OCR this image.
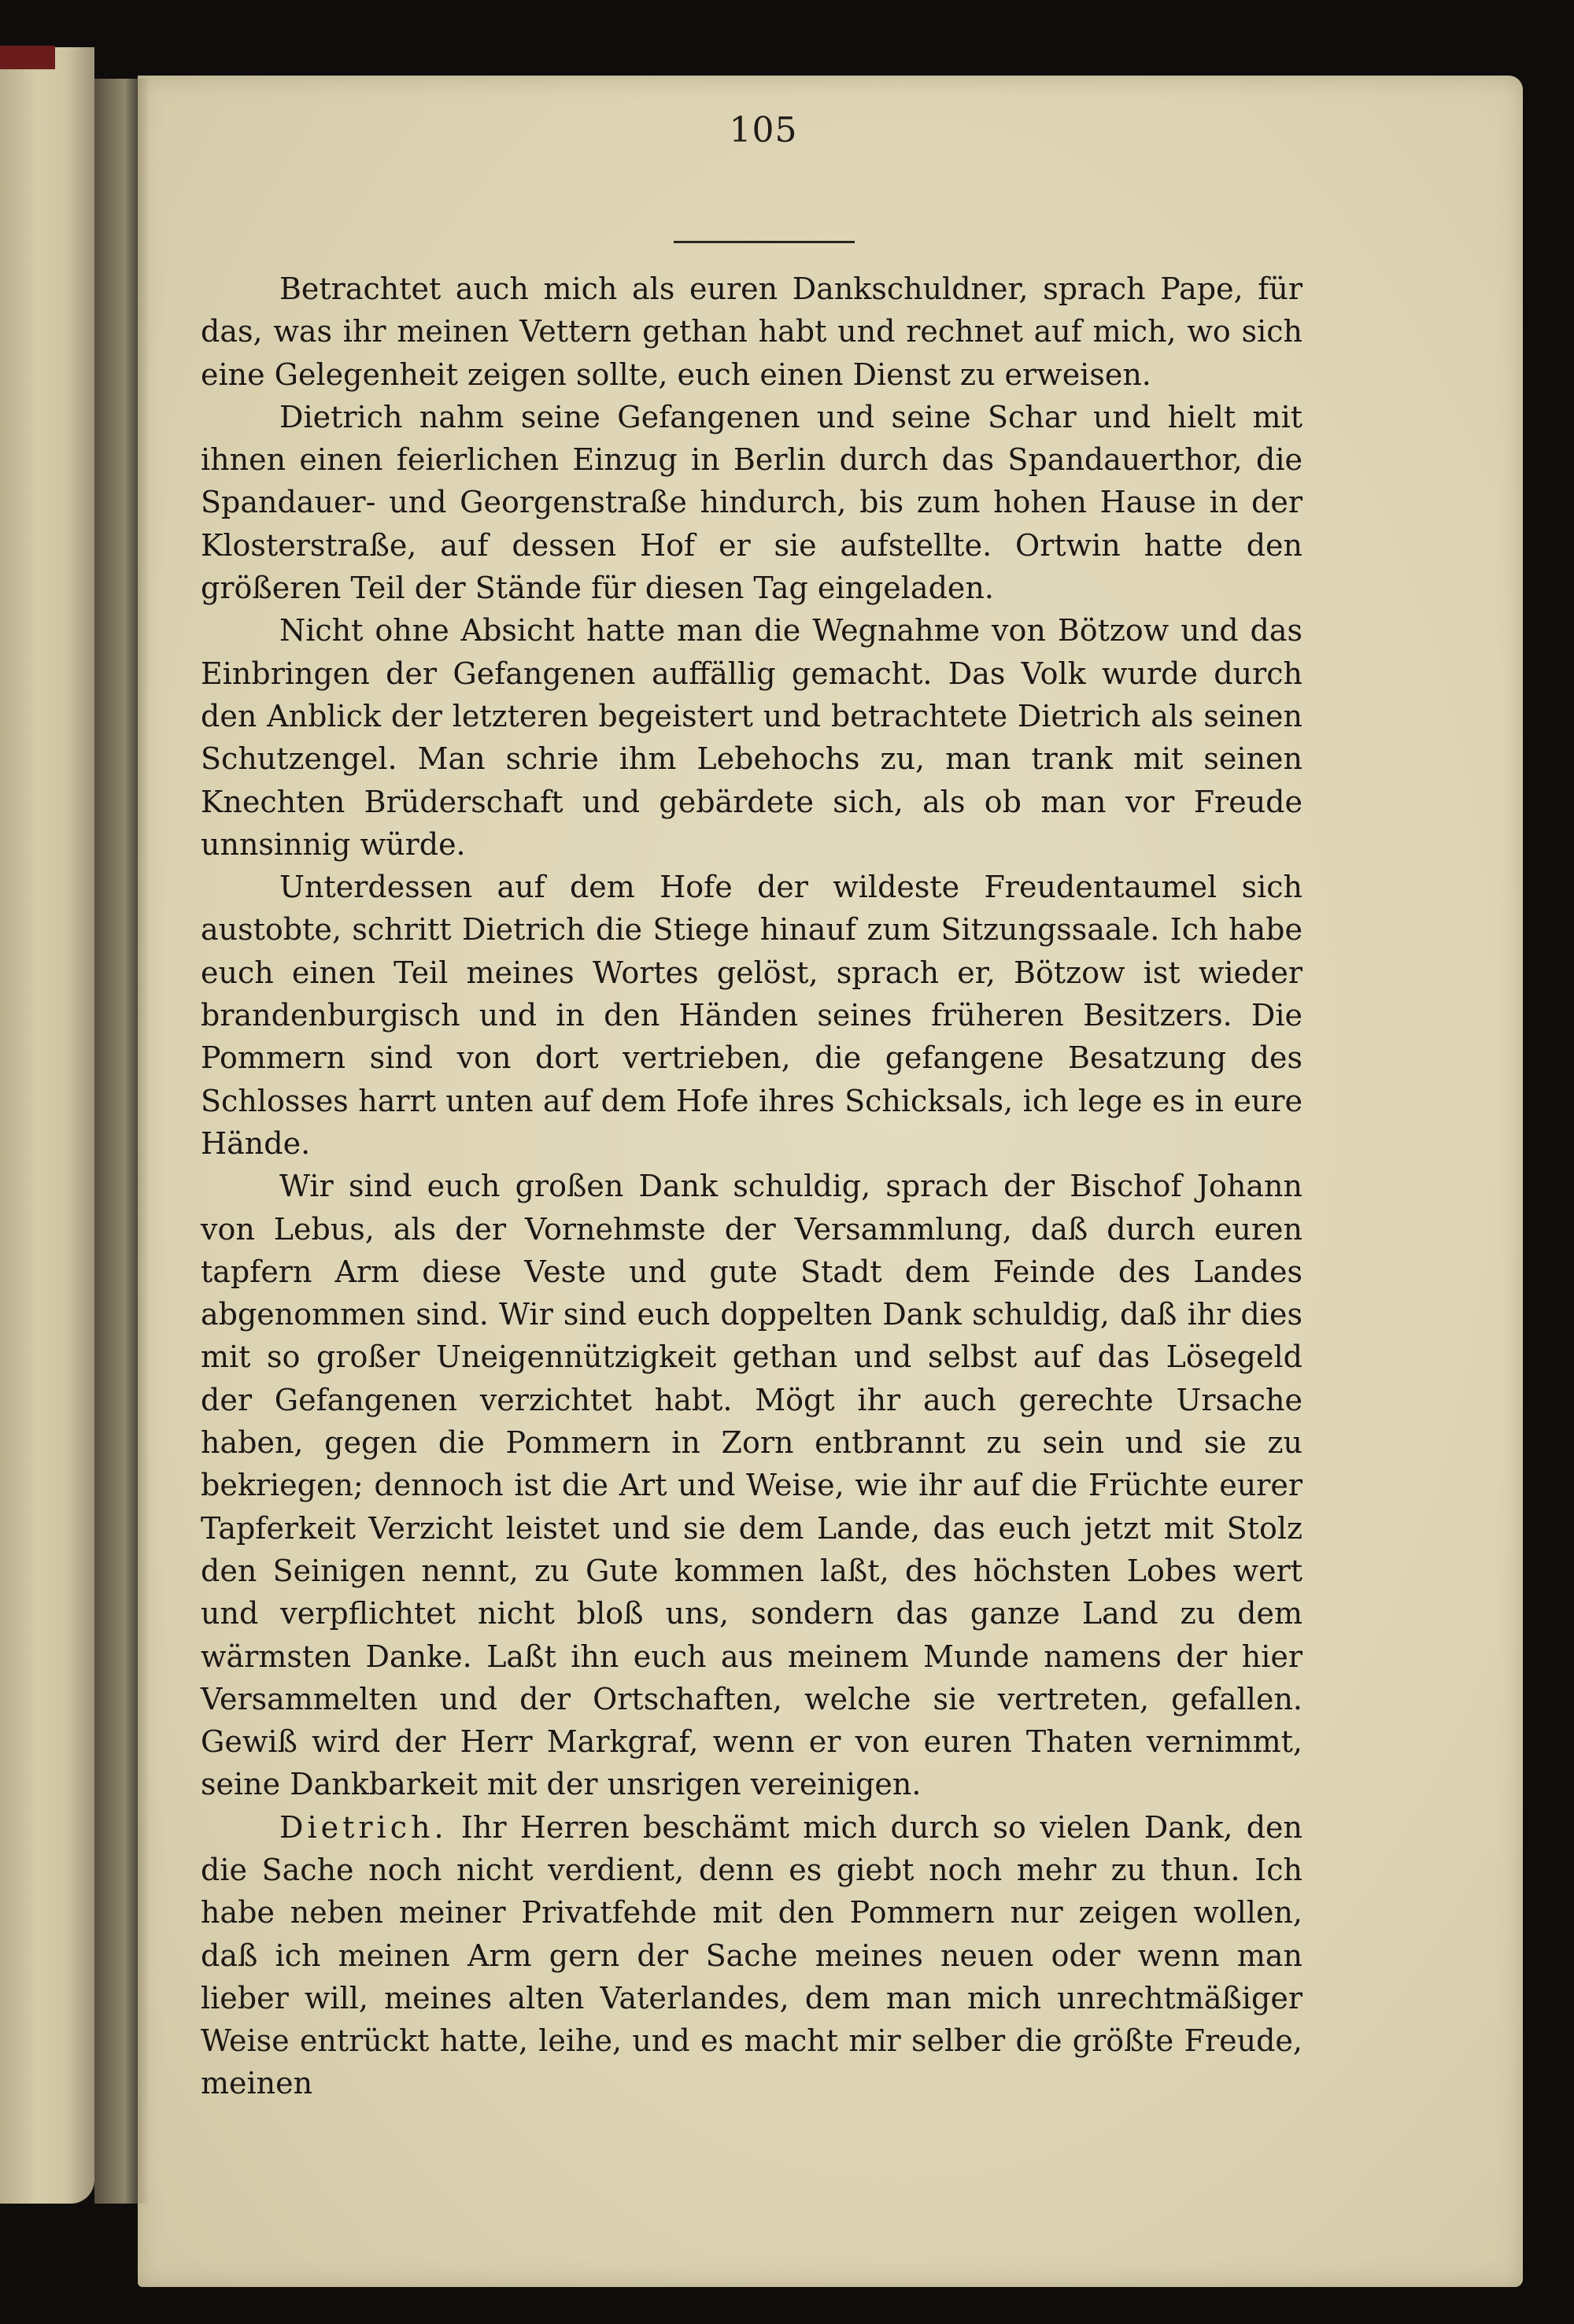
105

Betrachtet auch mich als euren Dankschuldner, sprach Pape, für das, was ihr meinen Vettern gethan habt und rechnet auf mich, wo sich eine Gelegenheit zeigen sollte, euch einen Dienst zu erweisen.

Dietrich nahm seine Gefangenen und seine Schar und hielt mit ihnen einen feierlichen Einzug in Berlin durch das Spandauerthor, die Spandauer- und Georgenstraße hindurch, bis zum hohen Hause in der Klosterstraße, auf dessen Hof er sie aufstellte. Ortwin hatte den größeren Teil der Stände für diesen Tag eingeladen.

Nicht ohne Absicht hatte man die Wegnahme von Bötzow und das Einbringen der Gefangenen auffällig gemacht. Das Volk wurde durch den Anblick der letzteren begeistert und betrachtete Dietrich als seinen Schutzengel. Man schrie ihm Lebehochs zu, man trank mit seinen Knechten Brüderschaft und gebärdete sich, als ob man vor Freude unnsinnig würde.

Unterdessen auf dem Hofe der wildeste Freudentaumel sich austobte, schritt Dietrich die Stiege hinauf zum Sitzungssaale. Ich habe euch einen Teil meines Wortes gelöst, sprach er, Bötzow ist wieder brandenburgisch und in den Händen seines früheren Besitzers. Die Pommern sind von dort vertrieben, die gefangene Besatzung des Schlosses harrt unten auf dem Hofe ihres Schicksals, ich lege es in eure Hände.

Wir sind euch großen Dank schuldig, sprach der Bischof Johann von Lebus, als der Vornehmste der Versammlung, daß durch euren tapfern Arm diese Veste und gute Stadt dem Feinde des Landes abgenommen sind. Wir sind euch doppelten Dank schuldig, daß ihr dies mit so großer Uneigennützigkeit gethan und selbst auf das Lösegeld der Gefangenen verzichtet habt. Mögt ihr auch gerechte Ursache haben, gegen die Pommern in Zorn entbrannt zu sein und sie zu bekriegen; dennoch ist die Art und Weise, wie ihr auf die Früchte eurer Tapferkeit Verzicht leistet und sie dem Lande, das euch jetzt mit Stolz den Seinigen nennt, zu Gute kommen laßt, des höchsten Lobes wert und verpflichtet nicht bloß uns, sondern das ganze Land zu dem wärmsten Danke. Laßt ihn euch aus meinem Munde namens der hier Versammelten und der Ortschaften, welche sie vertreten, gefallen. Gewiß wird der Herr Markgraf, wenn er von euren Thaten vernimmt, seine Dankbarkeit mit der unsrigen vereinigen.

Dietrich. Ihr Herren beschämt mich durch so vielen Dank, den die Sache noch nicht verdient, denn es giebt noch mehr zu thun. Ich habe neben meiner Privatfehde mit den Pommern nur zeigen wollen, daß ich meinen Arm gern der Sache meines neuen oder wenn man lieber will, meines alten Vaterlandes, dem man mich unrechtmäßiger Weise entrückt hatte, leihe, und es macht mir selber die größte Freude, meinen
